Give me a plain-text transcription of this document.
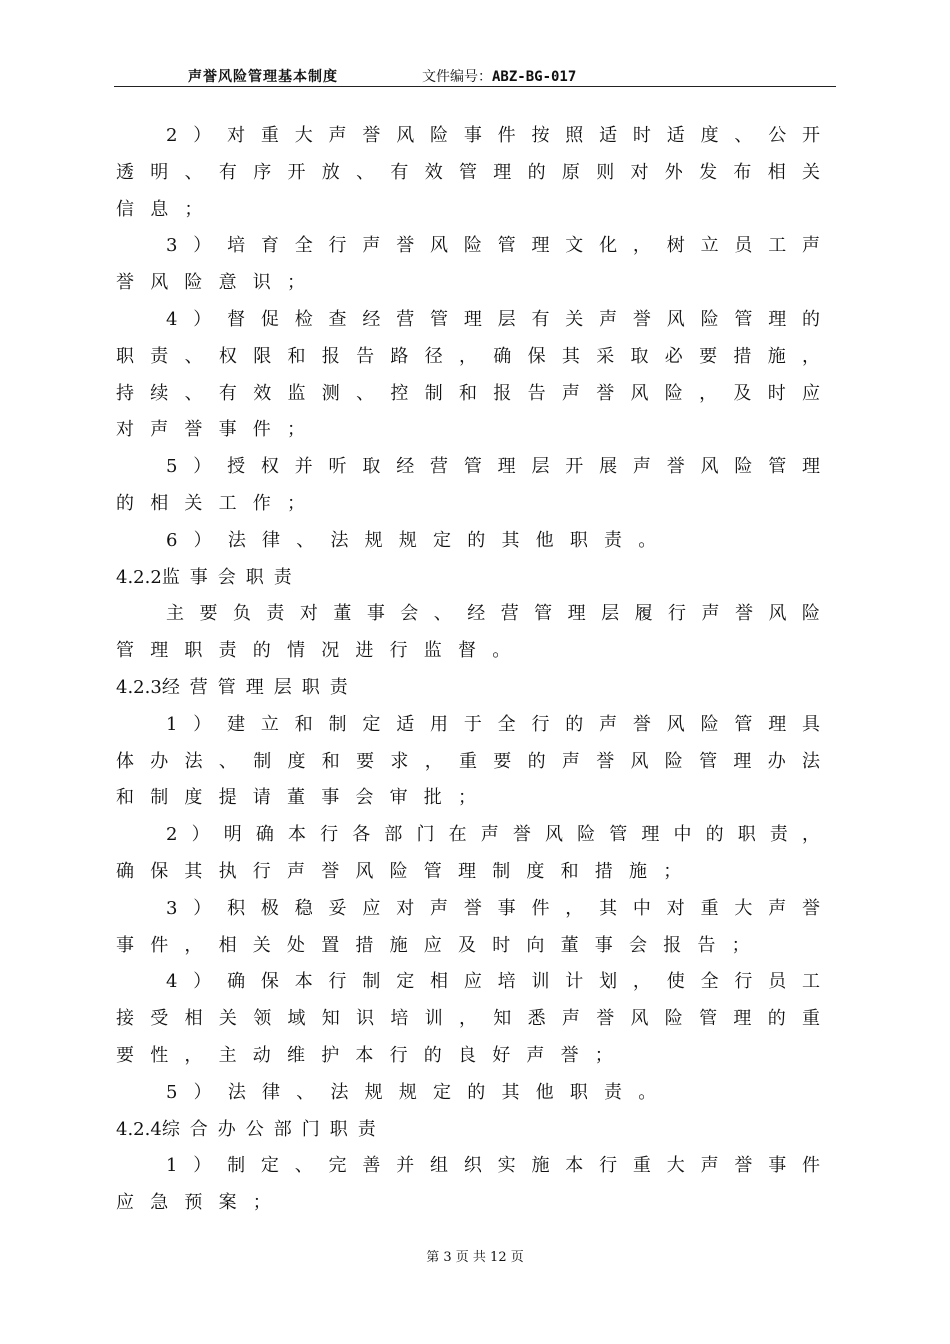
声誉风险管理基本制度	文件编号：ABZ-BG-017
2）对重大声誉风险事件按照适时适度、公开
透明、有序开放、有效管理的原则对外发布相关
信息；
3）培育全行声誉风险管理文化，树立员工声
誉风险意识；
4）督促检查经营管理层有关声誉风险管理的
职责、权限和报告路径，确保其采取必要措施，
持续、有效监测、控制和报告声誉风险，及时应
对声誉事件；
5）授权并听取经营管理层开展声誉风险管理
的相关工作；
6）法律、法规规定的其他职责。
4.2.2监事会职责
主要负责对董事会、经营管理层履行声誉风险
管理职责的情况进行监督。
4.2.3经营管理层职责
1）建立和制定适用于全行的声誉风险管理具
体办法、制度和要求，重要的声誉风险管理办法
和制度提请董事会审批；
2）明确本行各部门在声誉风险管理中的职责，
确保其执行声誉风险管理制度和措施；
3）积极稳妥应对声誉事件，其中对重大声誉
事件，相关处置措施应及时向董事会报告；
4）确保本行制定相应培训计划，使全行员工
接受相关领域知识培训，知悉声誉风险管理的重
要性，主动维护本行的良好声誉；
5）法律、法规规定的其他职责。
4.2.4综合办公部门职责
1）制定、完善并组织实施本行重大声誉事件
应急预案；
第 3 页 共 12 页
